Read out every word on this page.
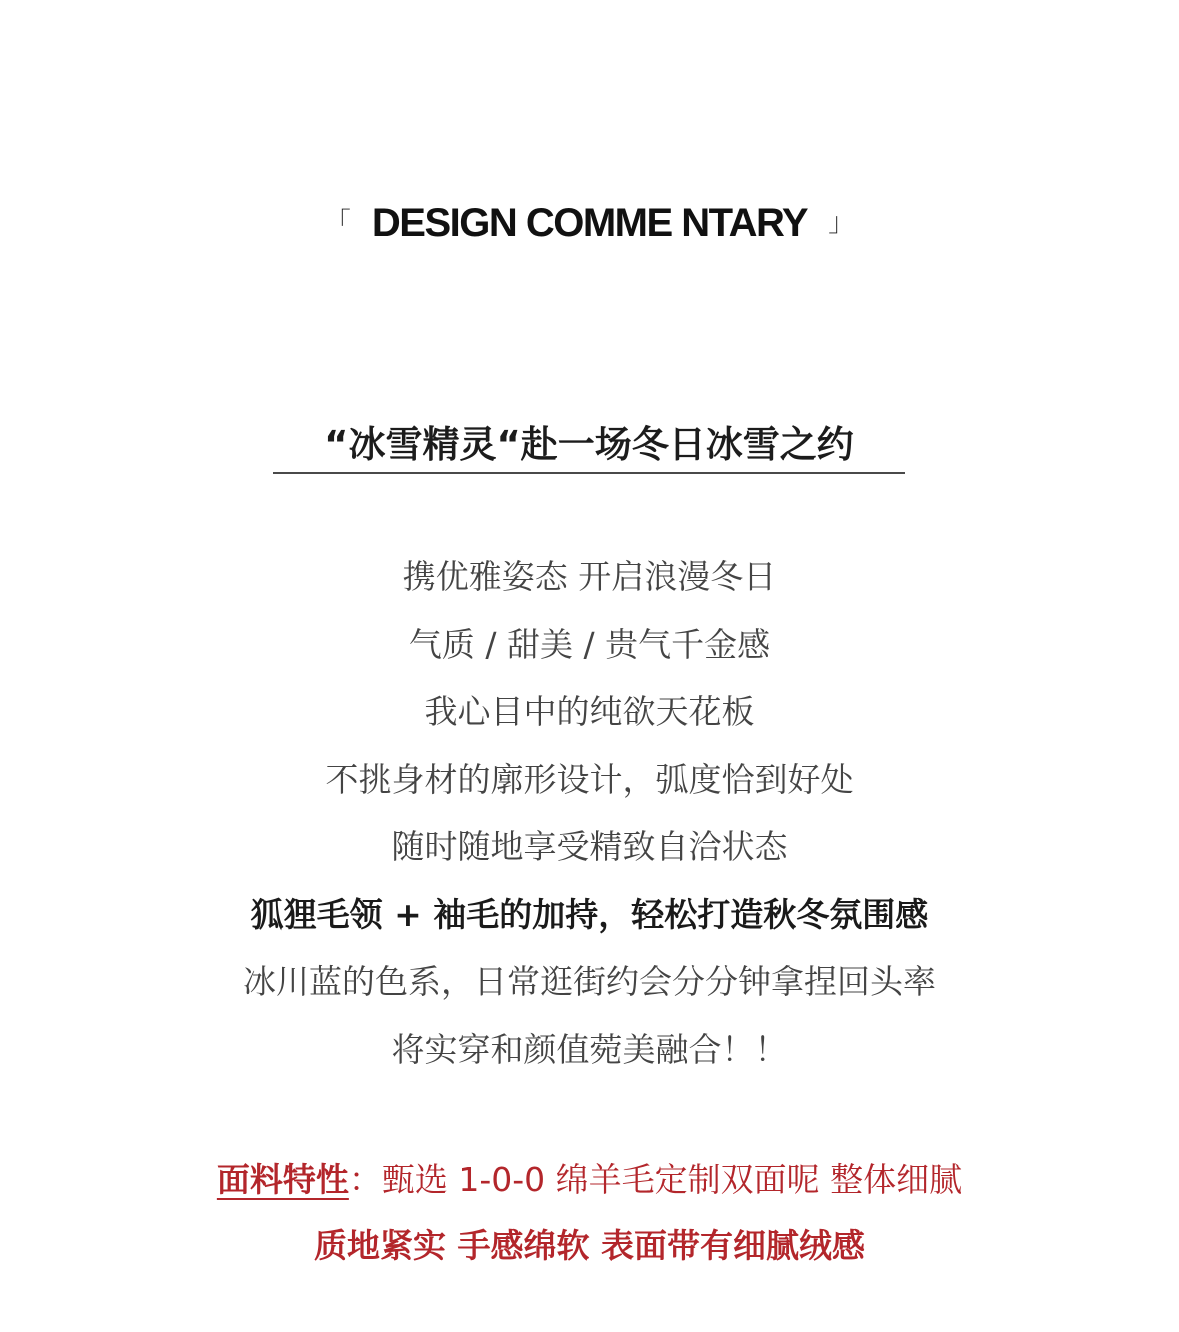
「 DESIGN COMME NTARY 」
“冰雪精灵“赴一场冬日冰雪之约
携优雅姿态 开启浪漫冬日
气质 / 甜美 / 贵气千金感
我心目中的纯欲天花板
不挑身材的廓形设计，弧度恰到好处
随时随地享受精致自洽状态
狐狸毛领 + 袖毛的加持，轻松打造秋冬氛围感
冰川蓝的色系，日常逛街约会分分钟拿捏回头率
将实穿和颜值菀美融合！！
面料特性：甄选 1-0-0 绵羊毛定制双面呢 整体细腻
质地紧实 手感绵软 表面带有细腻绒感
